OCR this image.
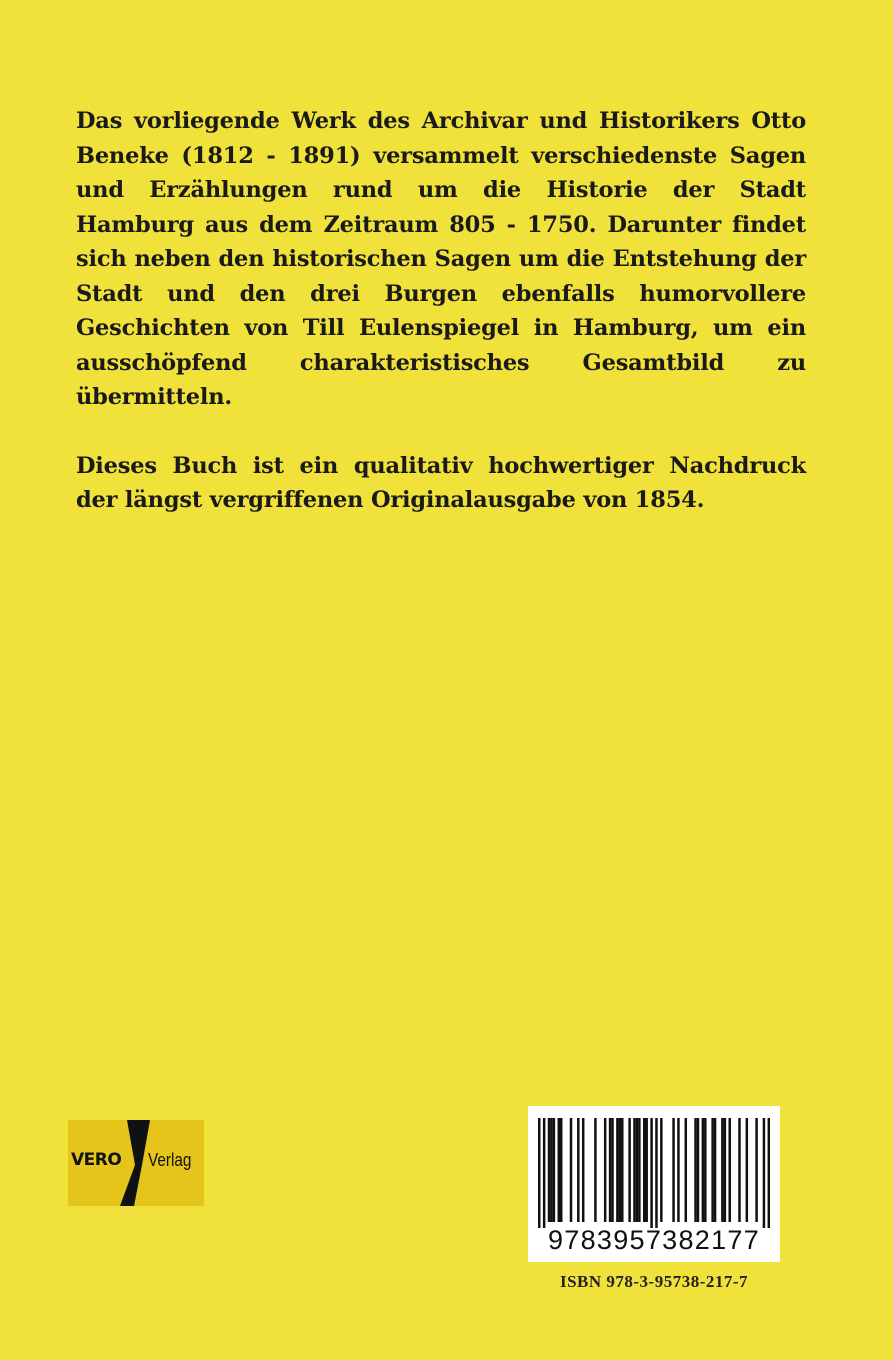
Das vorliegende Werk des Archivar und Historikers Otto Beneke (1812 - 1891) versammelt verschiedenste Sagen und Erzählungen rund um die Historie der Stadt Hamburg aus dem Zeitraum 805 - 1750. Darunter findet sich neben den historischen Sagen um die Entstehung der Stadt und den drei Burgen ebenfalls humorvollere Geschichten von Till Eulenspiegel in Hamburg, um ein ausschöpfend charakteristisches Gesamtbild zu übermitteln.

Dieses Buch ist ein qualitativ hochwertiger Nachdruck der längst vergriffenen Originalausgabe von 1854.

VERO Verlag
9783957382177
ISBN 978-3-95738-217-7
